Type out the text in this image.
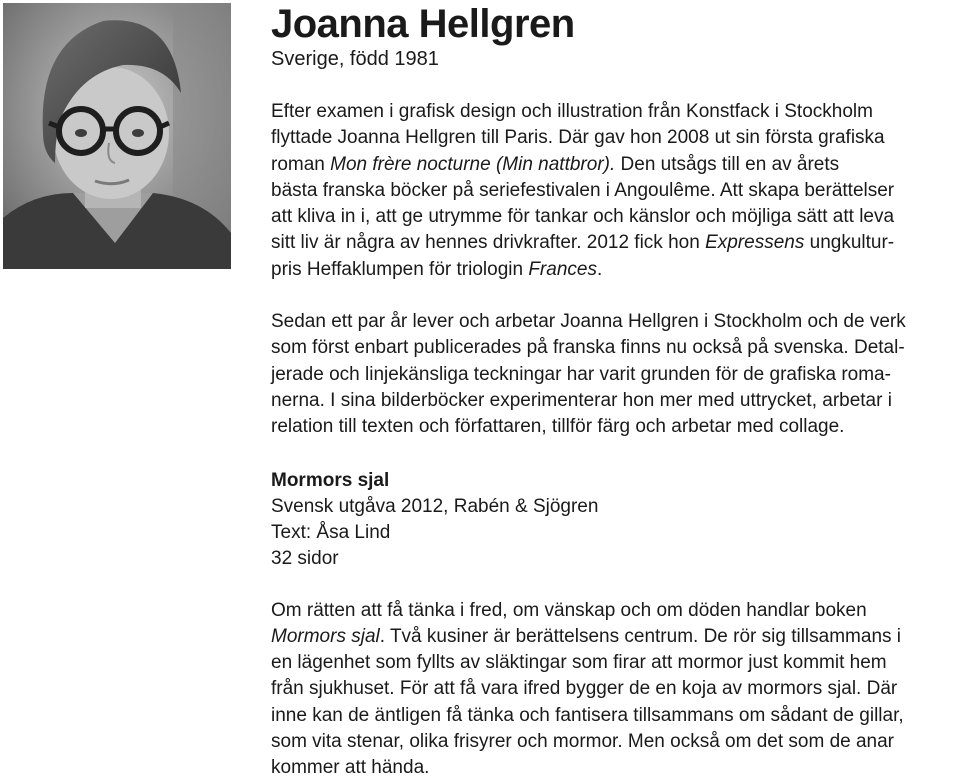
Joanna Hellgren
Sverige, född 1981

Efter examen i grafisk design och illustration från Konstfack i Stockholm
flyttade Joanna Hellgren till Paris. Där gav hon 2008 ut sin första grafiska
roman Mon frère nocturne (Min nattbror). Den utsågs till en av årets
bästa franska böcker på seriefestivalen i Angoulême. Att skapa berättelser
att kliva in i, att ge utrymme för tankar och känslor och möjliga sätt att leva
sitt liv är några av hennes drivkrafter. 2012 fick hon Expressens ungkultur-
pris Heffaklumpen för triologin Frances.

Sedan ett par år lever och arbetar Joanna Hellgren i Stockholm och de verk
som först enbart publicerades på franska finns nu också på svenska. Detal-
jerade och linjekänsliga teckningar har varit grunden för de grafiska roma-
nerna. I sina bilderböcker experimenterar hon mer med uttrycket, arbetar i
relation till texten och författaren, tillför färg och arbetar med collage.

Mormors sjal
Svensk utgåva 2012, Rabén & Sjögren
Text: Åsa Lind
32 sidor

Om rätten att få tänka i fred, om vänskap och om döden handlar boken
Mormors sjal. Två kusiner är berättelsens centrum. De rör sig tillsammans i
en lägenhet som fyllts av släktingar som firar att mormor just kommit hem
från sjukhuset. För att få vara ifred bygger de en koja av mormors sjal. Där
inne kan de äntligen få tänka och fantisera tillsammans om sådant de gillar,
som vita stenar, olika frisyrer och mormor. Men också om det som de anar
kommer att hända.
